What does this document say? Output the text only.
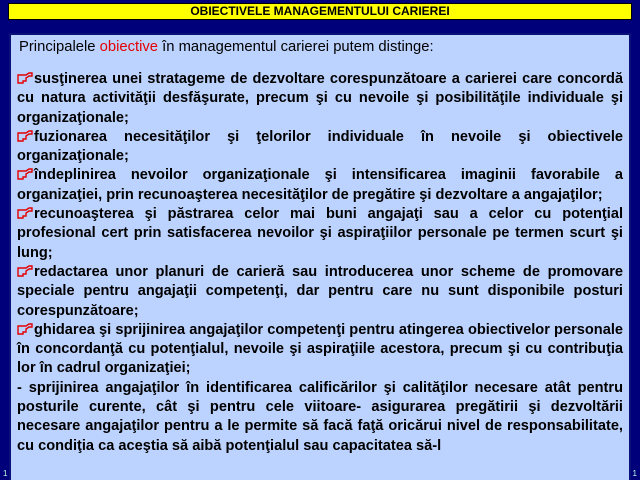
OBIECTIVELE MANAGEMENTULUI CARIEREI

Principalele obiective în managementul carierei putem distinge:

susţinerea unei stratageme de dezvoltare corespunzătoare a carierei care concordă cu natura activităţii desfăşurate, precum şi cu nevoile şi posibilităţile individuale şi organizaţionale;
fuzionarea necesităţilor şi ţelorilor individuale în nevoile şi obiectivele organizaţionale;
îndeplinirea nevoilor organizaţionale şi intensificarea imaginii favorabile a organizaţiei, prin recunoaşterea necesităţilor de pregătire şi dezvoltare a angajaţilor;
recunoaşterea şi păstrarea celor mai buni angajaţi sau a celor cu potenţial profesional cert prin satisfacerea nevoilor şi aspiraţiilor personale pe termen scurt şi lung;
redactarea unor planuri de carieră sau introducerea unor scheme de promovare speciale pentru angajaţii competenţi, dar pentru care nu sunt disponibile posturi corespunzătoare;
ghidarea şi sprijinirea angajaţilor competenţi pentru atingerea obiectivelor personale în concordanţă cu potenţialul, nevoile şi aspiraţiile acestora, precum şi cu contribuţia lor în cadrul organizaţiei;
- sprijinirea angajaţilor în identificarea calificărilor şi calităţilor necesare atât pentru posturile curente, cât şi pentru cele viitoare- asigurarea pregătirii şi dezvoltării necesare angajaţilor pentru a le permite să facă faţă oricărui nivel de responsabilitate, cu condiţia ca aceştia să aibă potenţialul sau capacitatea să-l
1	1
